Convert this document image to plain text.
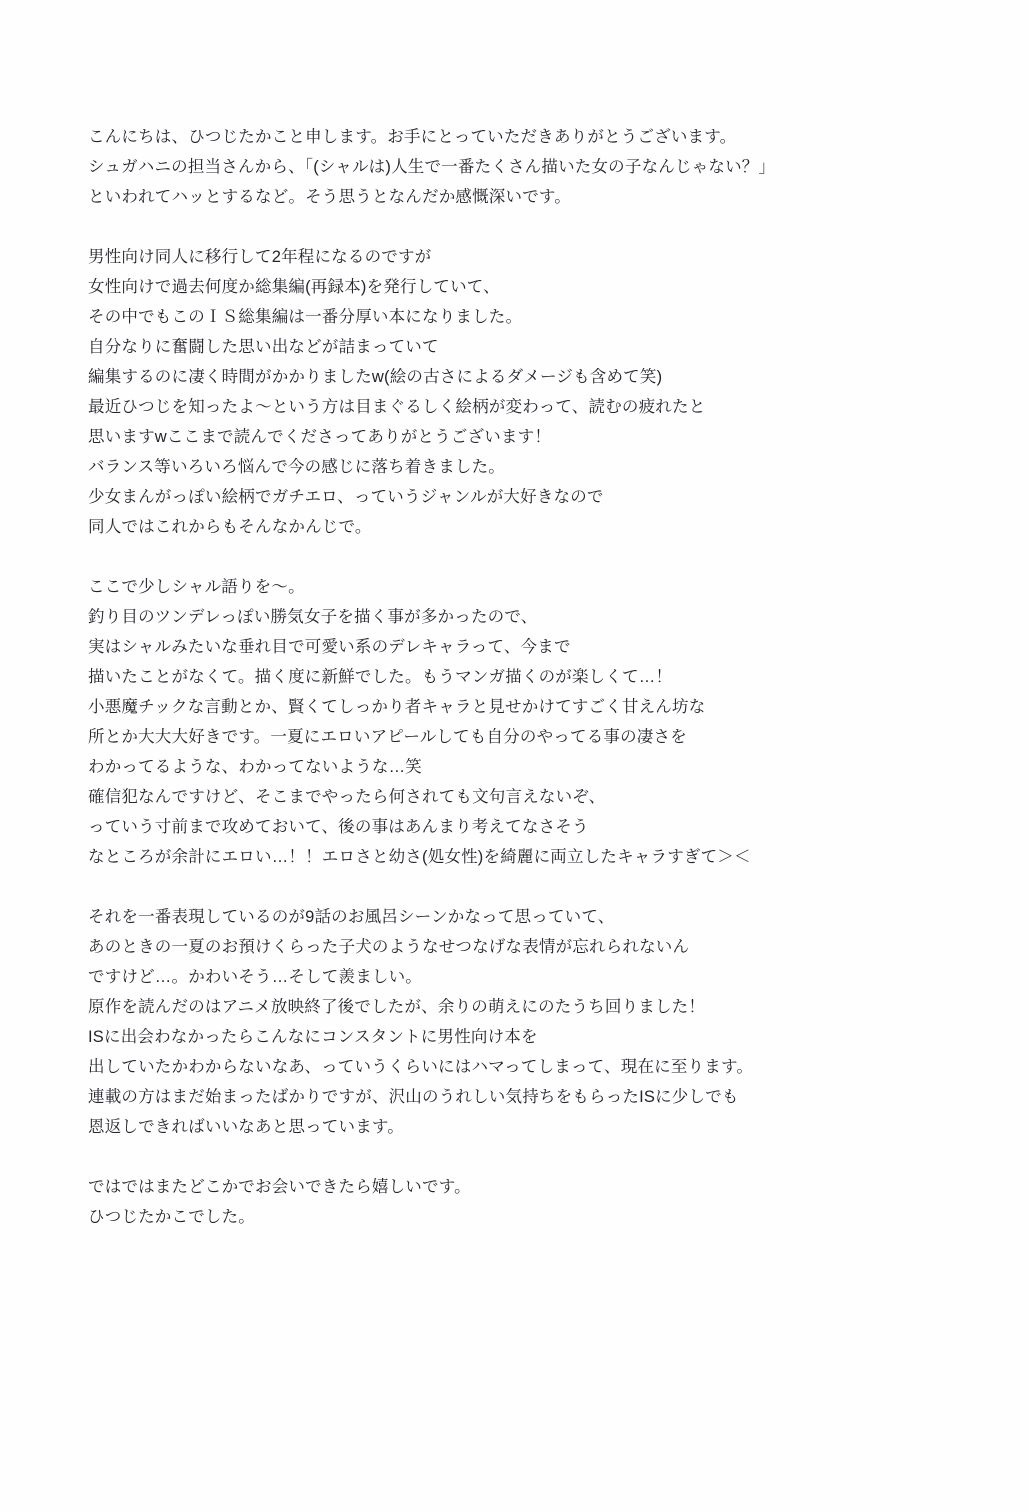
こんにちは、ひつじたかこと申します。お手にとっていただきありがとうございます。
シュガハニの担当さんから、「(シャルは)人生で一番たくさん描いた女の子なんじゃない？」
といわれてハッとするなど。そう思うとなんだか感慨深いです。
男性向け同人に移行して2年程になるのですが
女性向けで過去何度か総集編(再録本)を発行していて、
その中でもこのＩＳ総集編は一番分厚い本になりました。
自分なりに奮闘した思い出などが詰まっていて
編集するのに凄く時間がかかりましたw(絵の古さによるダメージも含めて笑)
最近ひつじを知ったよ〜という方は目まぐるしく絵柄が変わって、読むの疲れたと
思いますwここまで読んでくださってありがとうございます！
バランス等いろいろ悩んで今の感じに落ち着きました。
少女まんがっぽい絵柄でガチエロ、っていうジャンルが大好きなので
同人ではこれからもそんなかんじで。
ここで少しシャル語りを〜。
釣り目のツンデレっぽい勝気女子を描く事が多かったので、
実はシャルみたいな垂れ目で可愛い系のデレキャラって、今まで
描いたことがなくて。描く度に新鮮でした。もうマンガ描くのが楽しくて…！
小悪魔チックな言動とか、賢くてしっかり者キャラと見せかけてすごく甘えん坊な
所とか大大大好きです。一夏にエロいアピールしても自分のやってる事の凄さを
わかってるような、わかってないような…笑
確信犯なんですけど、そこまでやったら何されても文句言えないぞ、
っていう寸前まで攻めておいて、後の事はあんまり考えてなさそう
なところが余計にエロい…！！エロさと幼さ(処女性)を綺麗に両立したキャラすぎて＞＜
それを一番表現しているのが9話のお風呂シーンかなって思っていて、
あのときの一夏のお預けくらった子犬のようなせつなげな表情が忘れられないん
ですけど…。かわいそう…そして羨ましい。
原作を読んだのはアニメ放映終了後でしたが、余りの萌えにのたうち回りました！
ISに出会わなかったらこんなにコンスタントに男性向け本を
出していたかわからないなあ、っていうくらいにはハマってしまって、現在に至ります。
連載の方はまだ始まったばかりですが、沢山のうれしい気持ちをもらったISに少しでも
恩返しできればいいなあと思っています。
ではではまたどこかでお会いできたら嬉しいです。
ひつじたかこでした。
